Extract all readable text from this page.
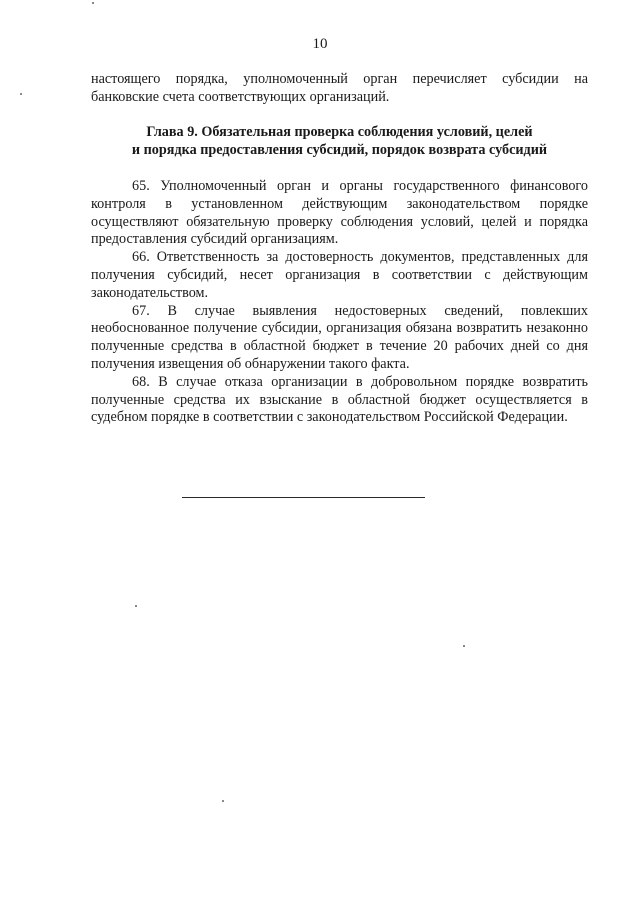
10
настоящего порядка, уполномоченный орган перечисляет субсидии на банковские счета соответствующих организаций.
Глава 9. Обязательная проверка соблюдения условий, целей
и порядка предоставления субсидий, порядок возврата субсидий

65. Уполномоченный орган и органы государственного финансового контроля в установленном действующим законодательством порядке осуществляют обязательную проверку соблюдения условий, целей и порядка предоставления субсидий организациям.

66. Ответственность за достоверность документов, представленных для получения субсидий, несет организация в соответствии с действующим законодательством.

67. В случае выявления недостоверных сведений, повлекших необоснованное получение субсидии, организация обязана возвратить незаконно полученные средства в областной бюджет в течение 20 рабочих дней со дня получения извещения об обнаружении такого факта.

68. В случае отказа организации в добровольном порядке возвратить полученные средства их взыскание в областной бюджет осуществляется в судебном порядке в соответствии с законодательством Российской Федерации.
